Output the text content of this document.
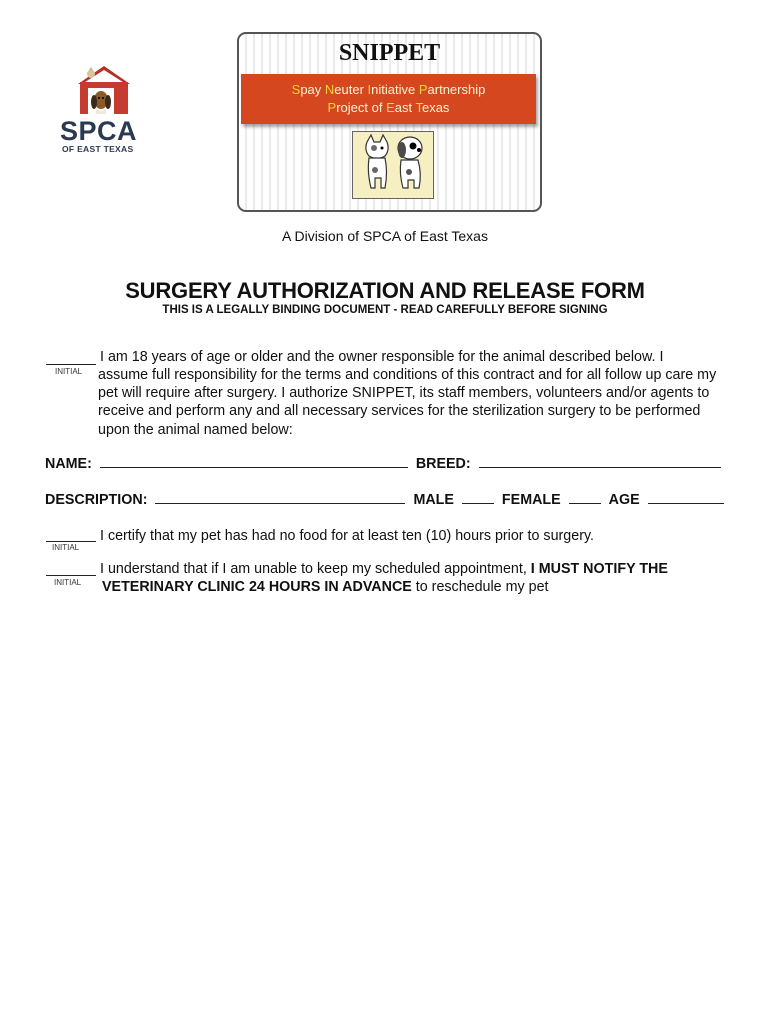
SPCA
OF EAST TEXAS
SNIPPET
Spay Neuter Initiative Partnership
Project of East Texas
A Division of SPCA of East Texas
SURGERY AUTHORIZATION AND RELEASE FORM
THIS IS A LEGALLY BINDING DOCUMENT - READ CAREFULLY BEFORE SIGNING
INITIAL
I am 18 years of age or older and the owner responsible for the animal described below. I
assume full responsibility for the terms and conditions of this contract and for all follow up care my pet will require after surgery. I authorize SNIPPET, its staff members, volunteers and/or agents to receive and perform any and all necessary services for the sterilization surgery to be performed upon the animal named below:
NAME:	BREED:
DESCRIPTION:	MALE	FEMALE	AGE
INITIAL
I certify that my pet has had no food for at least ten (10) hours prior to surgery.
INITIAL
I understand that if I am unable to keep my scheduled appointment, I MUST NOTIFY THE
VETERINARY CLINIC 24 HOURS IN ADVANCE to reschedule my pet
